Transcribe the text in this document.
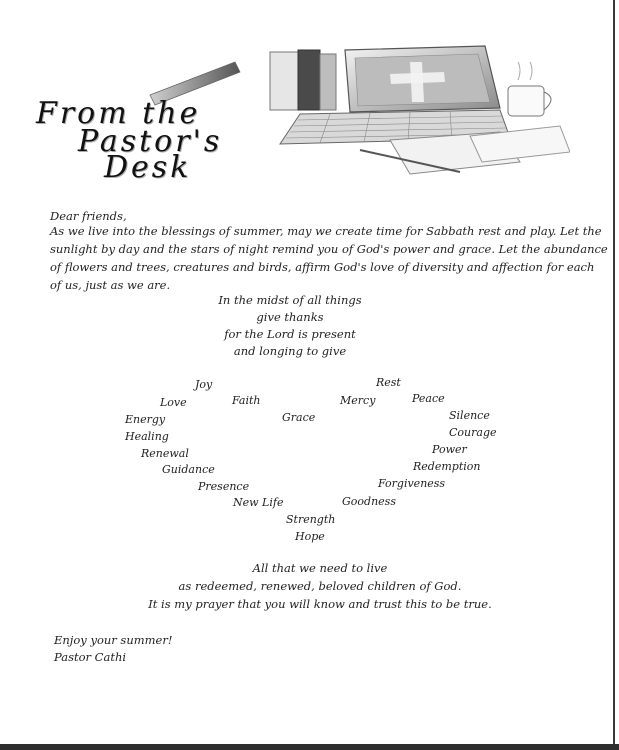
From the
Pastor's
Desk
Dear friends,
As we live into the blessings of summer, may we create time for Sabbath rest and play. Let the
sunlight by day and the stars of night remind you of God's power and grace. Let the abundance
of flowers and trees, creatures and birds, affirm God's love of diversity and affection for each
of us, just as we are.
In the midst of all things
give thanks
for the Lord is present
and longing to give
Joy	Rest
Love	Faith	Mercy	Peace
Energy	Grace	Silence
Healing	Courage
Power
Renewal
Redemption
Guidance
Forgiveness
Presence
New Life	Goodness
Strength
Hope
All that we need to live
as redeemed, renewed, beloved children of God.
It is my prayer that you will know and trust this to be true.
Enjoy your summer!
Pastor Cathi
